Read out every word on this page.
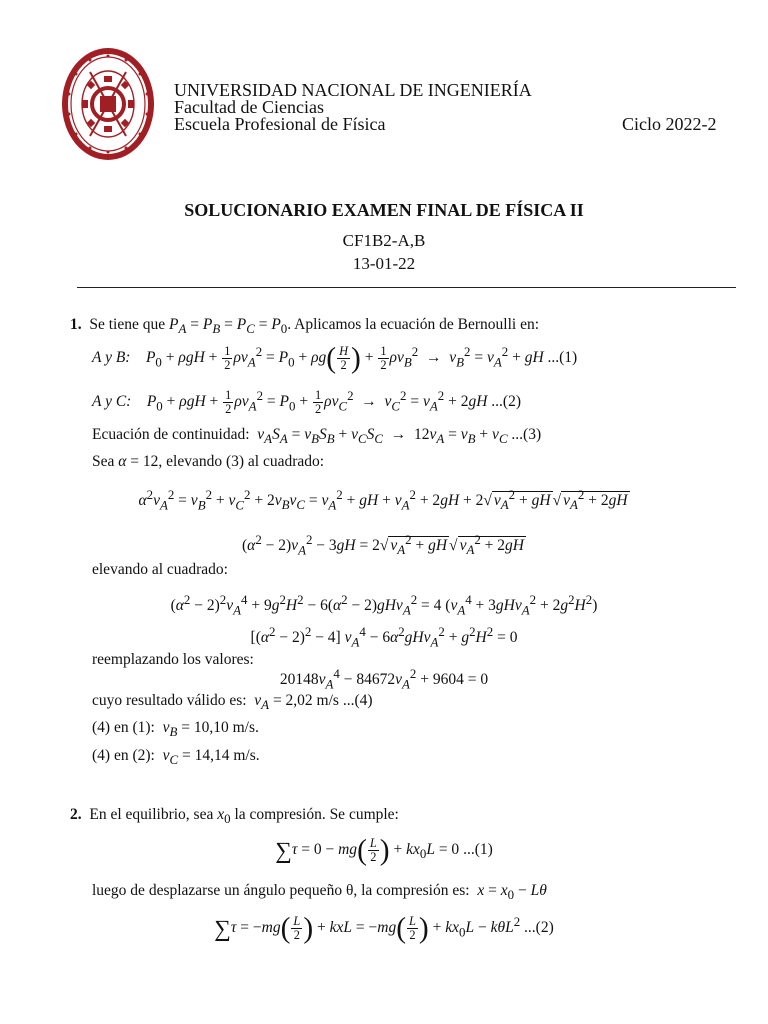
UNIVERSIDAD NACIONAL DE INGENIERÍA
Facultad de Ciencias
Escuela Profesional de Física	Ciclo 2022-2
SOLUCIONARIO EXAMEN FINAL DE FÍSICA II
CF1B2-A,B
13-01-22
1. Se tiene que $P_A = P_B = P_C = P_0$. Aplicamos la ecuación de Bernoulli en:
A y B: $P_0 + \rho gH + \frac{1}{2} \rho v_A^2 = P_0 + \rho g( \frac{H}{2}$ ) + $\frac{1}{2} \rho v_B^2 \to v_B^2 = v_A^2$ + gH ...(1)
A y C: $P_0 + \rho gH + \frac{1}{2} \rho v_A^2 = P_0 + \frac{1}{2} \rho v_C^2 \to v_C^2 = v_A^2 + 2gH$ ...(2)
Ecuación de continuidad: $v_AS_A = v_BS_B + v_CS_C \to 12v_A = v_B + v_C$ ...(3)
Sea α = 12, elevando (3) al cuadrado:
$\alpha^2v_A^2 = v_B^2 + v_C^2 + 2v_Bv_C = v_A^2$ + gH + $v_A^2 + 2gH + 2√$ $v_A^2$ + gH √ $v_A^2 + 2gH$
$(\alpha^2 - 2)v_A^2 - 3gH = 2√$ $v_A^2$ + gH √ $v_A^2 + 2gH$
elevando al cuadrado:
$(\alpha^2 - 2)^2v_A^4 + 9g^2H^2 - 6(\alpha^2 - 2)gHv_A^2 = 4$ $(v_A^4 + 3gHv_A^2 + 2g^2H^2)$
$[(\alpha^2 - 2)^2 - 4] v_A^4 - 6\alpha^2gHv_A^2 + g^2H^2 = 0$
reemplazando los valores:
$20148v_A^4 - 84672v_A^2 + 9604 = 0$
cuyo resultado válido es: $v_A = 2,02$ m/s ...(4)
(4) en (1): $v_B = 10,10$ m/s.
(4) en (2): $v_C = 14,14$ m/s.
2. En el equilibrio, sea $x_0$ la compresión. Se cumple:
$\sum\tau = 0 - mg( \frac{L}{2}$ ) + $kx_0L = 0$ ...(1)
luego de desplazarse un ángulo pequeño θ, la compresión es: $x = x_0 - L\theta$
$\sum\tau = -mg( \frac{L}{2}$ ) + kxL = $-mg( \frac{L}{2}$ ) + $kx_0L - k\theta L^2$ ...(2)
